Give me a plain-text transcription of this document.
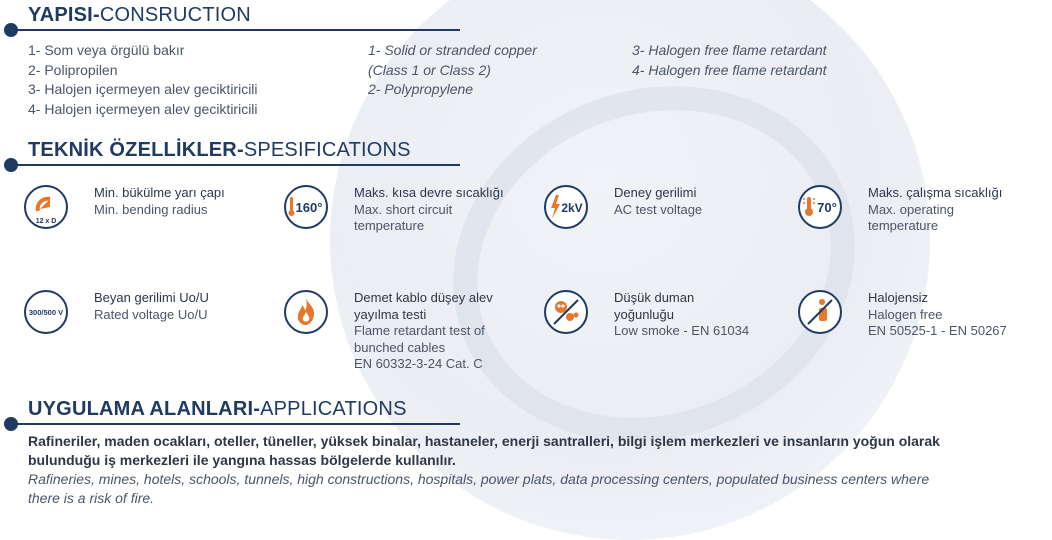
YAPISI-CONSRUCTION
1- Som veya örgülü bakır
2- Polipropilen
3- Halojen içermeyen alev geciktiricili
4- Halojen içermeyen alev geciktiricili
1- Solid or stranded copper
(Class 1 or Class 2)
2- Polypropylene
3- Halogen free flame retardant
4- Halogen free flame retardant
TEKNİK ÖZELLİKLER-SPESIFICATIONS
12 x D
Min. bükülme yarı çapı
Min. bending radius	160°
Maks. kısa devre sıcaklığı
Max. short circuit
temperature
2kV
Deney gerilimi
AC test voltage	70°
Maks. çalışma sıcaklığı
Max. operating
temperature
300/500 V
Beyan gerilimi Uo/U
Rated voltage Uo/U
Demet kablo düşey alev
yayılma testi
Flame retardant test of
bunched cables
EN 60332-3-24 Cat. C
Düşük duman
yoğunluğu
Low smoke - EN 61034
Halojensiz
Halogen free
EN 50525-1 - EN 50267
UYGULAMA ALANLARI-APPLICATIONS
Rafineriler, maden ocakları, oteller, tüneller, yüksek binalar, hastaneler, enerji santralleri, bilgi işlem merkezleri ve insanların yoğun olarak
bulunduğu iş merkezleri ile yangına hassas bölgelerde kullanılır.
Rafineries, mines, hotels, schools, tunnels, high constructions, hospitals, power plats, data processing centers, populated business centers where
there is a risk of fire.
